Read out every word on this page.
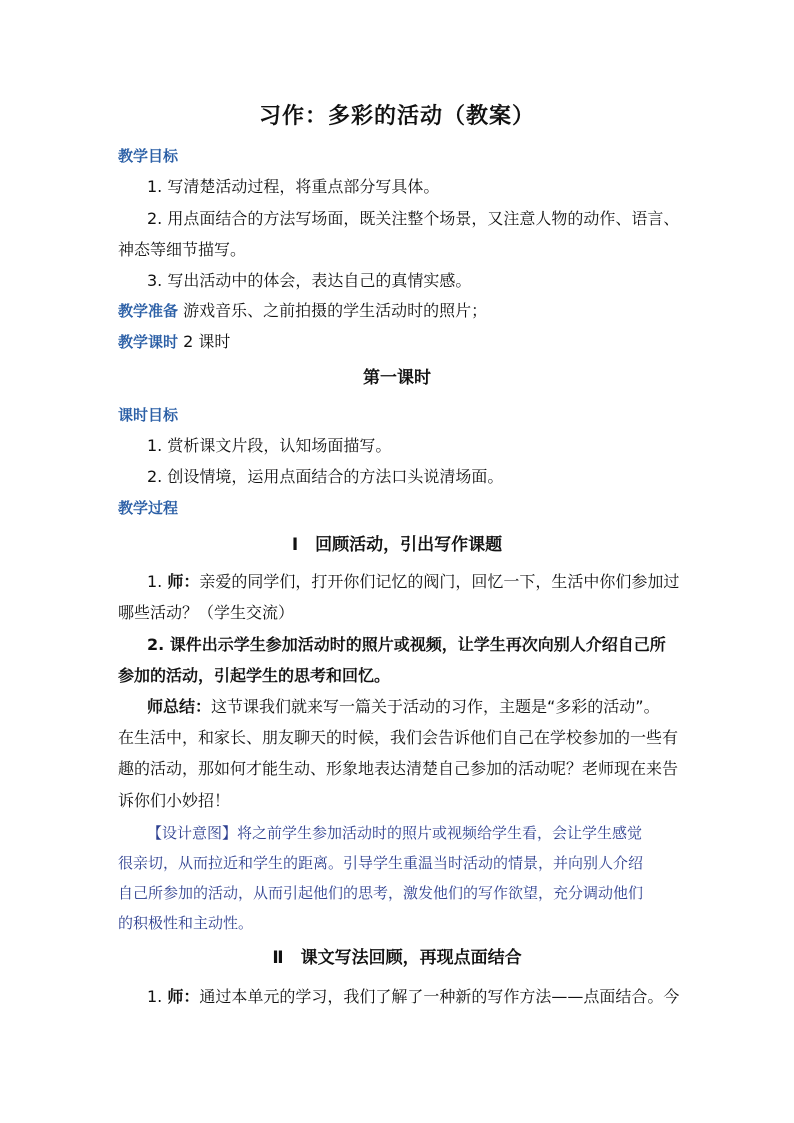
习作：多彩的活动（教案）
教学目标
1. 写清楚活动过程，将重点部分写具体。
2. 用点面结合的方法写场面，既关注整个场景，又注意人物的动作、语言、
神态等细节描写。
3. 写出活动中的体会，表达自己的真情实感。
教学准备 游戏音乐、之前拍摄的学生活动时的照片；
教学课时 2 课时
第一课时
课时目标
1. 赏析课文片段，认知场面描写。
2. 创设情境，运用点面结合的方法口头说清场面。
教学过程
Ⅰ　回顾活动，引出写作课题
1. 师：亲爱的同学们，打开你们记忆的阀门，回忆一下，生活中你们参加过
哪些活动？（学生交流）
2. 课件出示学生参加活动时的照片或视频，让学生再次向别人介绍自己所
参加的活动，引起学生的思考和回忆。
师总结：这节课我们就来写一篇关于活动的习作，主题是“多彩的活动”。
在生活中，和家长、朋友聊天的时候，我们会告诉他们自己在学校参加的一些有
趣的活动，那如何才能生动、形象地表达清楚自己参加的活动呢？老师现在来告
诉你们小妙招！
【设计意图】将之前学生参加活动时的照片或视频给学生看，会让学生感觉
很亲切，从而拉近和学生的距离。引导学生重温当时活动的情景，并向别人介绍
自己所参加的活动，从而引起他们的思考，激发他们的写作欲望，充分调动他们
的积极性和主动性。
Ⅱ　课文写法回顾，再现点面结合
1. 师：通过本单元的学习，我们了解了一种新的写作方法——点面结合。今
